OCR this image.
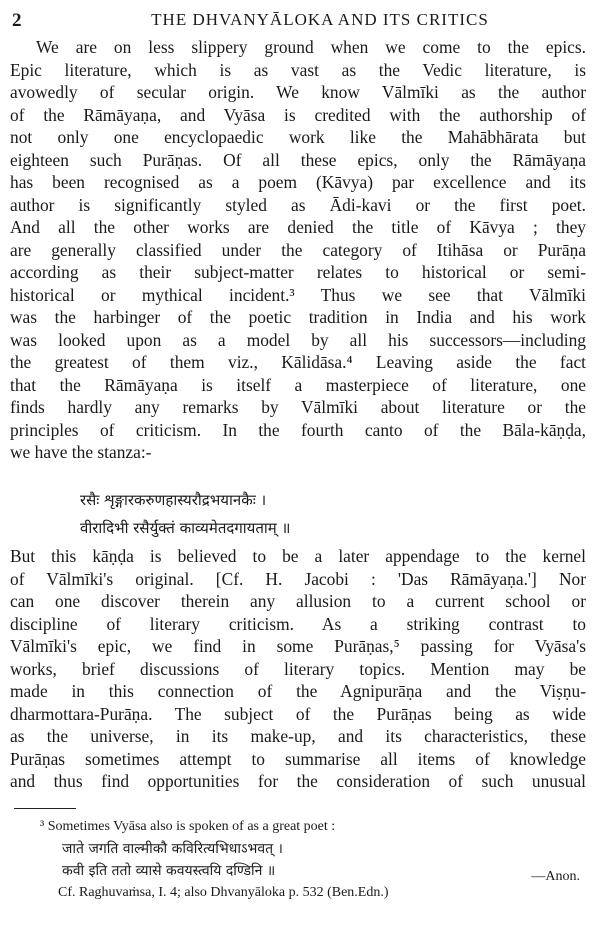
2	THE DHVANYĀLOKA AND ITS CRITICS
We are on less slippery ground when we come to the epics.
Epic literature, which is as vast as the Vedic literature, is
avowedly of secular origin. We know Vālmīki as the author
of the Rāmāyaṇa, and Vyāsa is credited with the authorship of
not only one encyclopaedic work like the Mahābhārata but
eighteen such Purāṇas. Of all these epics, only the Rāmāyaṇa
has been recognised as a poem (Kāvya) par excellence and its
author is significantly styled as Ādi-kavi or the first poet.
And all the other works are denied the title of Kāvya ; they
are generally classified under the category of Itihāsa or Purāṇa
according as their subject-matter relates to historical or semi-
historical or mythical incident.³ Thus we see that Vālmīki
was the harbinger of the poetic tradition in India and his work
was looked upon as a model by all his successors—including
the greatest of them viz., Kālidāsa.⁴ Leaving aside the fact
that the Rāmāyaṇa is itself a masterpiece of literature, one
finds hardly any remarks by Vālmīki about literature or the
principles of criticism. In the fourth canto of the Bāla-kāṇḍa,
we have the stanza:-
रसैः शृङ्गारकरुणहास्यरौद्रभयानकैः ।
वीरादिभी रसैर्युक्तं काव्यमेतदगायताम् ॥
But this kāṇḍa is believed to be a later appendage to the kernel
of Vālmīki's original. [Cf. H. Jacobi : 'Das Rāmāyaṇa.'] Nor
can one discover therein any allusion to a current school or
discipline of literary criticism. As a striking contrast to
Vālmīki's epic, we find in some Purāṇas,⁵ passing for Vyāsa's
works, brief discussions of literary topics. Mention may be
made in this connection of the Agnipurāṇa and the Viṣṇu-
dharmottara-Purāṇa. The subject of the Purāṇas being as wide
as the universe, in its make-up, and its characteristics, these
Purāṇas sometimes attempt to summarise all items of knowledge
and thus find opportunities for the consideration of such unusual
³ Sometimes Vyāsa also is spoken of as a great poet :
जाते जगति वाल्मीकौ कविरित्यभिधाऽभवत् ।
कवी इति ततो व्यासे कवयस्त्वयि दण्डिनि ॥	—Anon.
Cf. Raghuvaṁsa, I. 4; also Dhvanyāloka p. 532 (Ben.Edn.)
